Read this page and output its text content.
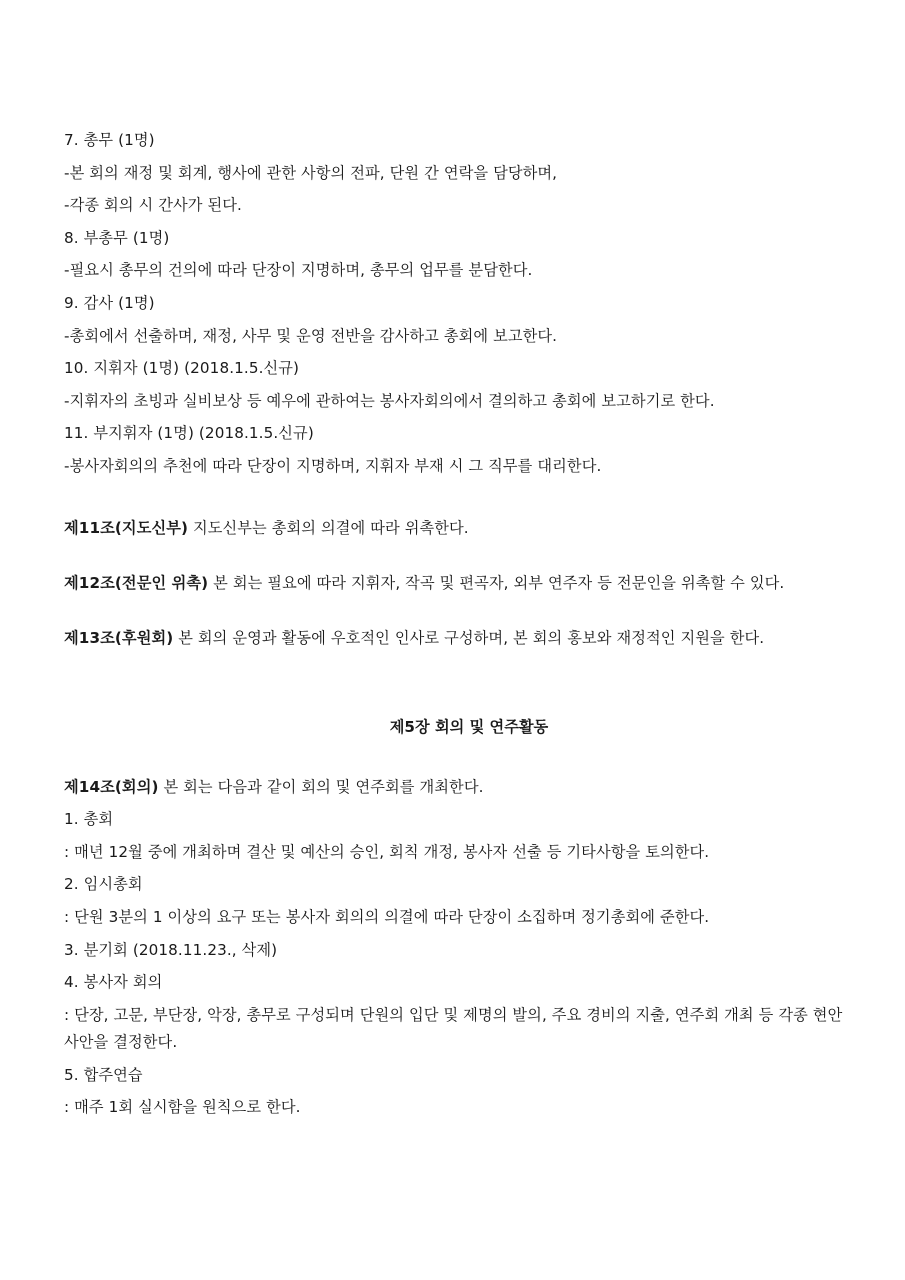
7. 총무 (1명)
-본 회의 재정 및 회계, 행사에 관한 사항의 전파, 단원 간 연락을 담당하며,
-각종 회의 시 간사가 된다.
8. 부총무 (1명)
-필요시 총무의 건의에 따라 단장이 지명하며, 총무의 업무를 분담한다.
9. 감사 (1명)
-총회에서 선출하며, 재정, 사무 및 운영 전반을 감사하고 총회에 보고한다.
10. 지휘자 (1명) (2018.1.5.신규)
-지휘자의 초빙과 실비보상 등 예우에 관하여는 봉사자회의에서 결의하고 총회에 보고하기로 한다.
11. 부지휘자 (1명) (2018.1.5.신규)
-봉사자회의의 추천에 따라 단장이 지명하며, 지휘자 부재 시 그 직무를 대리한다.
제11조(지도신부) 지도신부는 총회의 의결에 따라 위촉한다.
제12조(전문인 위촉) 본 회는 필요에 따라 지휘자, 작곡 및 편곡자, 외부 연주자 등 전문인을 위촉할 수 있다.
제13조(후원회) 본 회의 운영과 활동에 우호적인 인사로 구성하며, 본 회의 홍보와 재정적인 지원을 한다.
제5장 회의 및 연주활동
제14조(회의) 본 회는 다음과 같이 회의 및 연주회를 개최한다.
1. 총회
: 매년 12월 중에 개최하며 결산 및 예산의 승인, 회칙 개정, 봉사자 선출 등 기타사항을 토의한다.
2. 임시총회
: 단원 3분의 1 이상의 요구 또는 봉사자 회의의 의결에 따라 단장이 소집하며 정기총회에 준한다.
3. 분기회 (2018.11.23., 삭제)
4. 봉사자 회의
: 단장, 고문, 부단장, 악장, 총무로 구성되며 단원의 입단 및 제명의 발의, 주요 경비의 지출, 연주회 개최 등 각종 현안사안을 결정한다.
5. 합주연습
: 매주 1회 실시함을 원칙으로 한다.
